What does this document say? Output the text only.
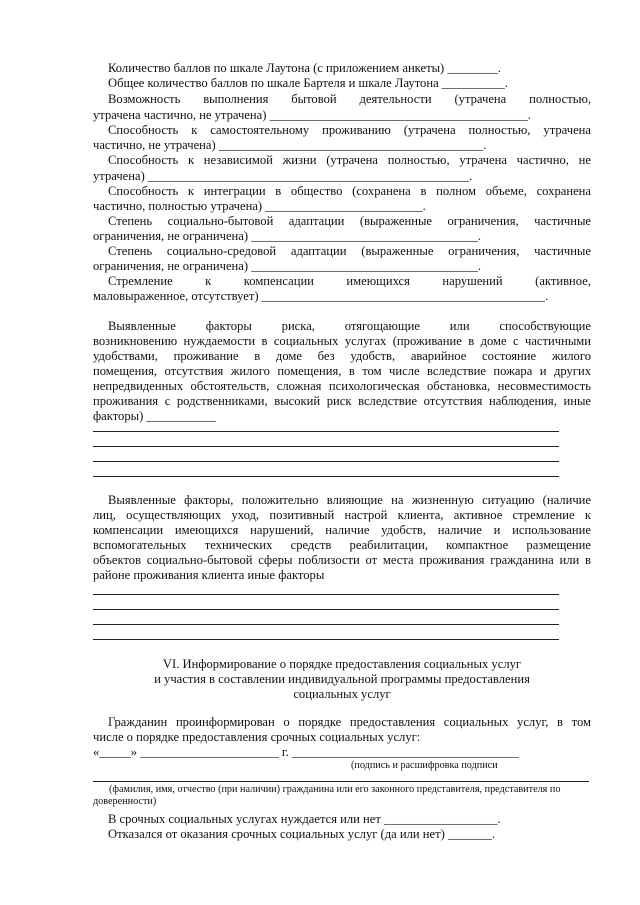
Количество баллов по шкале Лаутона (с приложением анкеты) ________.
Общее количество баллов по шкале Бартеля и шкале Лаутона __________.
Возможность выполнения бытовой деятельности (утрачена полностью,
утрачена частично, не утрачена) _________________________________________.
Способность к самостоятельному проживанию (утрачена полностью, утрачена
частично, не утрачена) __________________________________________.
Способность к независимой жизни (утрачена полностью, утрачена частично, не
утрачена) ___________________________________________________.
Способность к интеграции в общество (сохранена в полном объеме, сохранена
частично, полностью утрачена) _________________________.
Степень социально-бытовой адаптации (выраженные ограничения, частичные
ограничения, не ограничена) ____________________________________.
Степень социально-средовой адаптации (выраженные ограничения, частичные
ограничения, не ограничена) ____________________________________.
Стремление к компенсации имеющихся нарушений (активное,
маловыраженное, отсутствует) _____________________________________________.
Выявленные факторы риска, отягощающие или способствующие
возникновению нуждаемости в социальных услугах (проживание в доме с частичными
удобствами, проживание в доме без удобств, аварийное состояние жилого
помещения, отсутствия жилого помещения, в том числе вследствие пожара и других
непредвиденных обстоятельств, сложная психологическая обстановка, несовместимость
проживания с родственниками, высокий риск вследствие отсутствия наблюдения, иные
факторы) ___________
Выявленные факторы, положительно влияющие на жизненную ситуацию (наличие
лиц, осуществляющих уход, позитивный настрой клиента, активное стремление к
компенсации имеющихся нарушений, наличие удобств, наличие и использование
вспомогательных технических средств реабилитации, компактное размещение
объектов социально-бытовой сферы поблизости от места проживания гражданина или в
районе проживания клиента иные факторы
VI. Информирование о порядке предоставления социальных услуг
и участия в составлении индивидуальной программы предоставления
социальных услуг
Гражданин проинформирован о порядке предоставления социальных услуг, в том
числе о порядке предоставления срочных социальных услуг:
«_____» ______________________ г. ____________________________________
(подпись и расшифровка подписи
(фамилия, имя, отчество (при наличии) гражданина или его законного представителя, представителя по
доверенности)
В срочных социальных услугах нуждается или нет __________________.
Отказался от оказания срочных социальных услуг (да или нет) _______.
